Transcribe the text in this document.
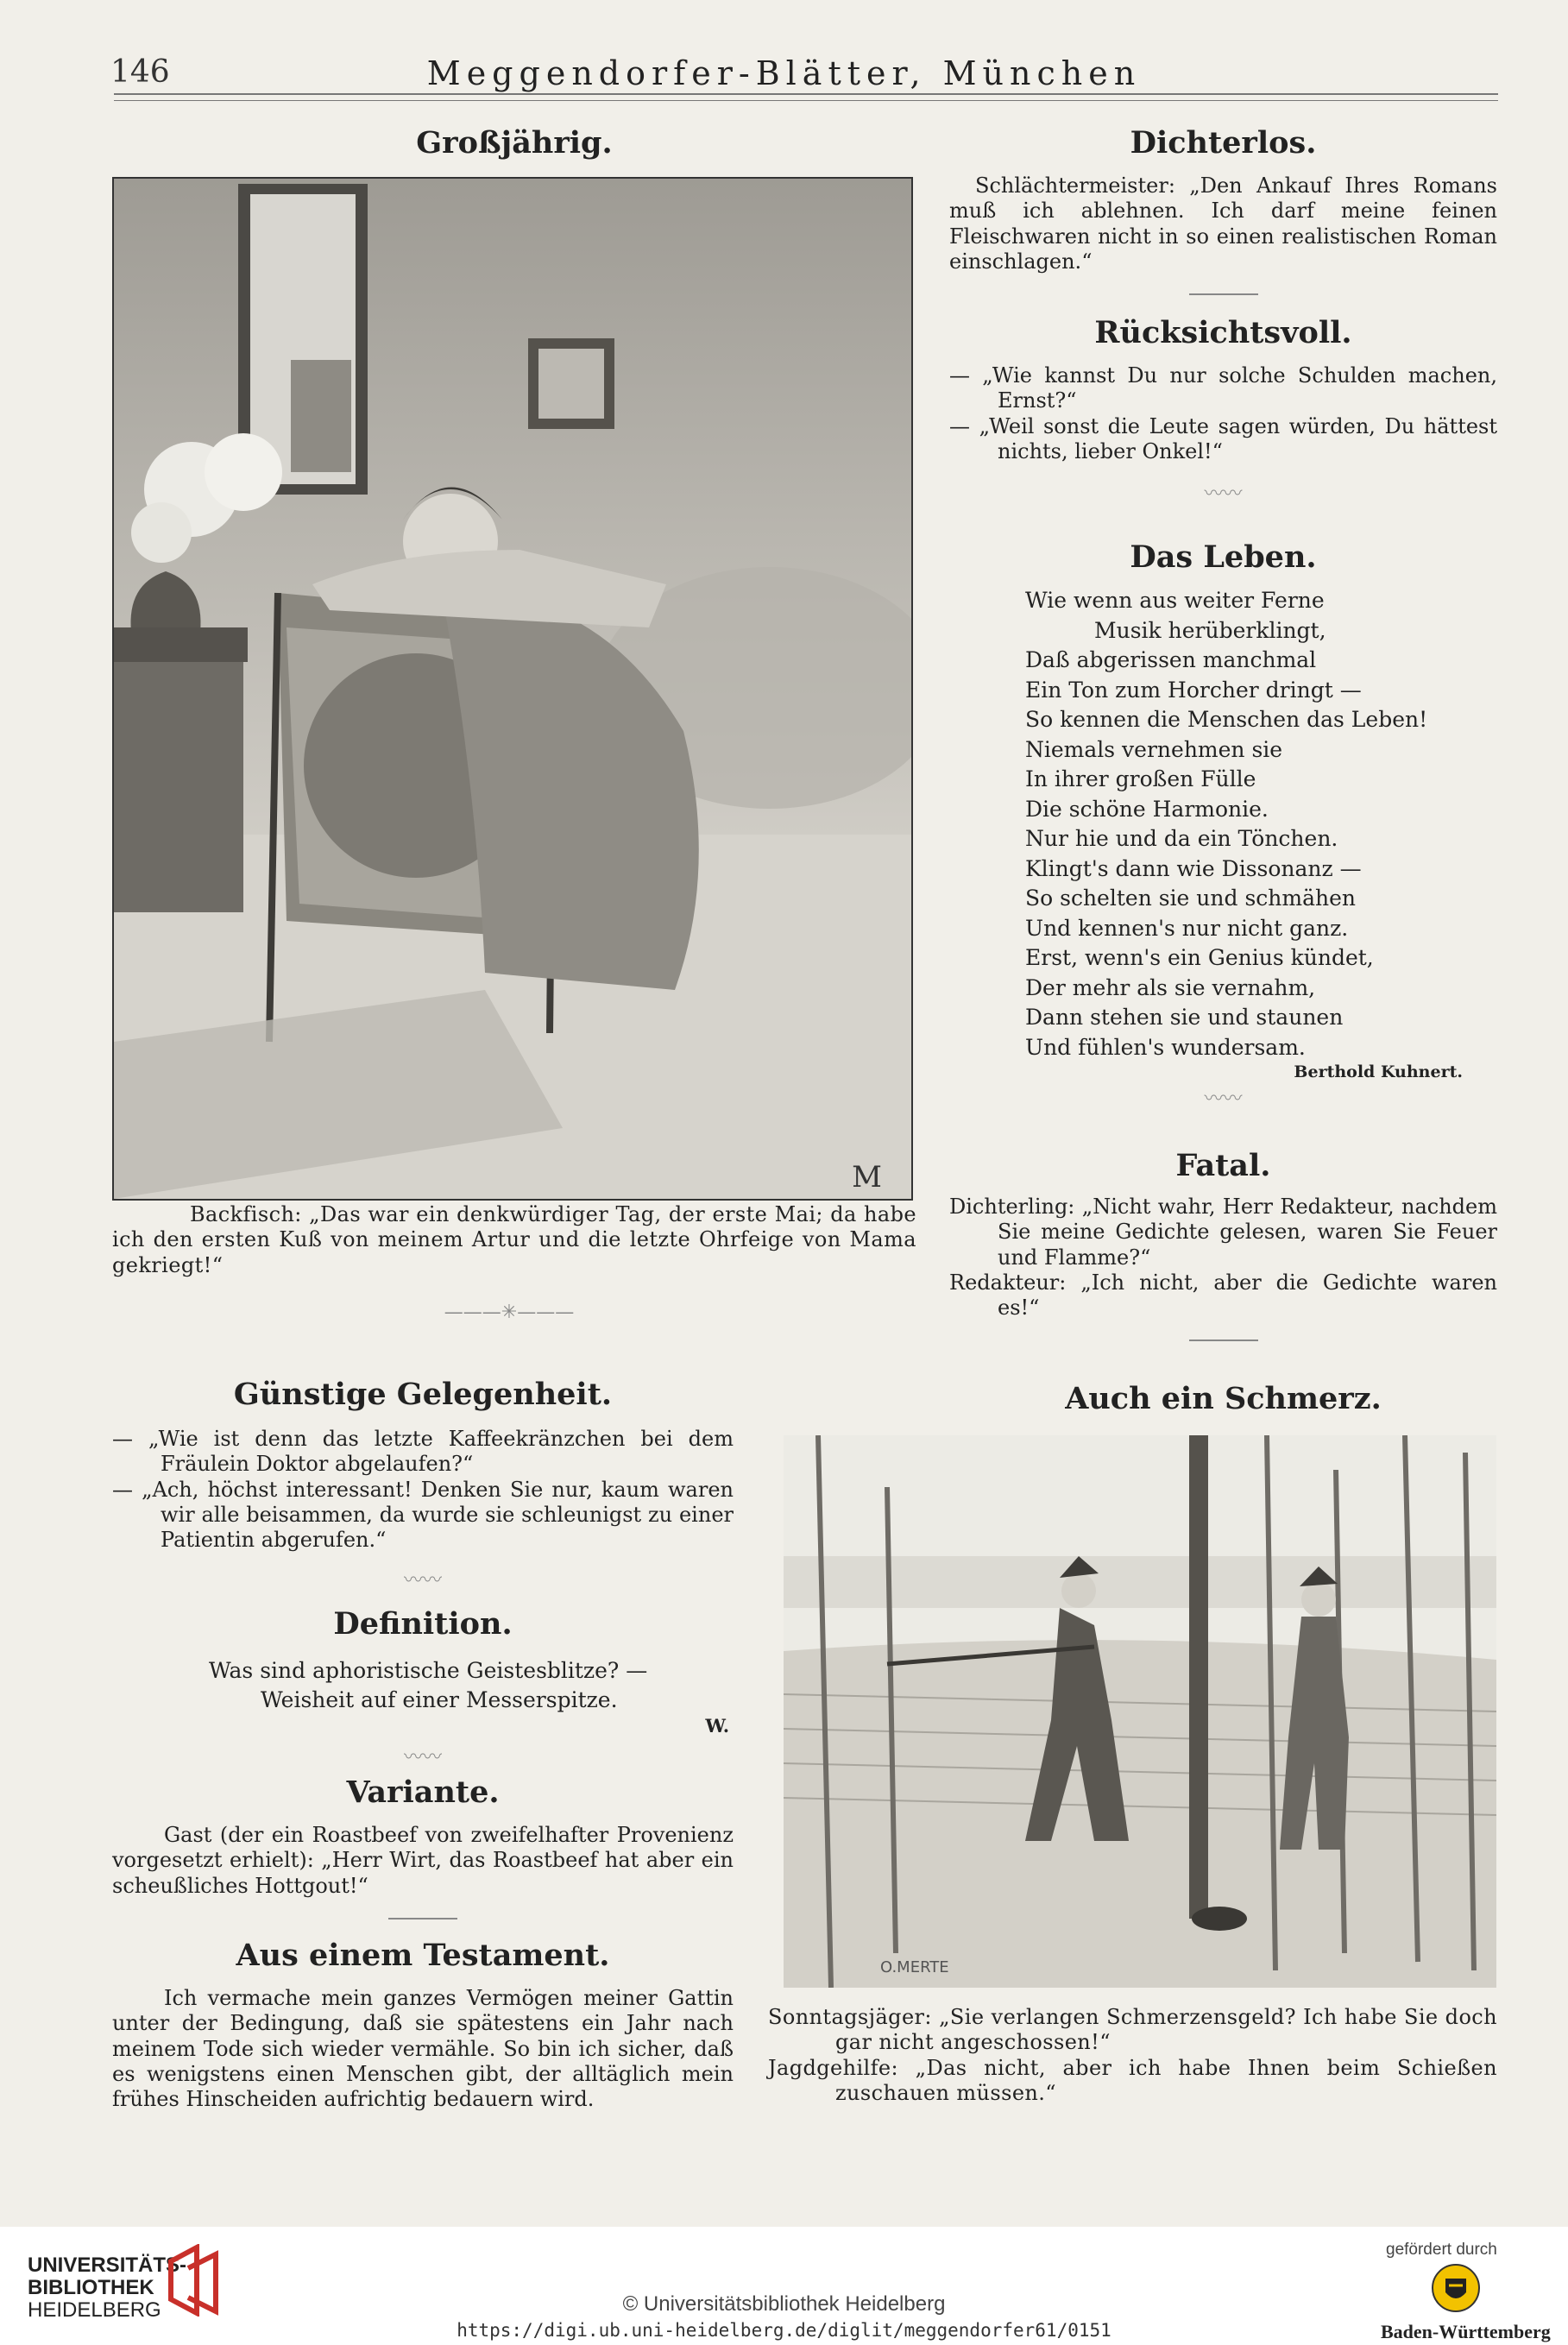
146	Meggendorfer-Blätter, München
Großjährig.
M

Backfisch: „Das war ein denkwürdiger Tag, der erste Mai; da habe ich den ersten Kuß von meinem Artur und die letzte Ohrfeige von Mama gekriegt!“

———✳———
Günstige Gelegenheit.

— „Wie ist denn das letzte Kaffeekränzchen bei dem Fräulein Doktor abgelaufen?“

— „Ach, höchst interessant! Denken Sie nur, kaum waren wir alle beisammen, da wurde sie schleunigst zu einer Patientin abgerufen.“

〰〰
Definition.
Was sind aphoristische Geistesblitze? —
Weisheit auf einer Messerspitze.
W.
〰〰
Variante.

Gast (der ein Roastbeef von zweifelhafter Provenienz vorgesetzt erhielt): „Herr Wirt, das Roastbeef hat aber ein scheußliches Hottgout!“

Aus einem Testament.

Ich vermache mein ganzes Vermögen meiner Gattin unter der Bedingung, daß sie spätestens ein Jahr nach meinem Tode sich wieder vermähle. So bin ich sicher, daß es wenigstens einen Menschen gibt, der alltäglich mein frühes Hinscheiden aufrichtig bedauern wird.

Dichterlos.

Schlächtermeister: „Den Ankauf Ihres Romans muß ich ablehnen. Ich darf meine feinen Fleischwaren nicht in so einen realistischen Roman einschlagen.“

Rücksichtsvoll.

— „Wie kannst Du nur solche Schulden machen, Ernst?“

— „Weil sonst die Leute sagen würden, Du hättest nichts, lieber Onkel!“

〰〰
Das Leben.
Wie wenn aus weiter Ferne
Musik herüberklingt,
Daß abgerissen manchmal
Ein Ton zum Horcher dringt —
So kennen die Menschen das Leben!
Niemals vernehmen sie
In ihrer großen Fülle
Die schöne Harmonie.
Nur hie und da ein Tönchen.
Klingt's dann wie Dissonanz —
So schelten sie und schmähen
Und kennen's nur nicht ganz.
Erst, wenn's ein Genius kündet,
Der mehr als sie vernahm,
Dann stehen sie und staunen
Und fühlen's wundersam.
Berthold Kuhnert.
〰〰
Fatal.

Dichterling: „Nicht wahr, Herr Redakteur, nachdem Sie meine Gedichte gelesen, waren Sie Feuer und Flamme?“

Redakteur: „Ich nicht, aber die Gedichte waren es!“

Auch ein Schmerz.
O.MERTE

Sonntagsjäger: „Sie verlangen Schmerzensgeld? Ich habe Sie doch gar nicht angeschossen!“

Jagdgehilfe: „Das nicht, aber ich habe Ihnen beim Schießen zuschauen müssen.“

UNIVERSITÄTS-
BIBLIOTHEK
HEIDELBERG	© Universitätsbibliothek Heidelberg
https://digi.ub.uni-heidelberg.de/diglit/meggendorfer61/0151
gefördert durch
Baden-Württemberg
